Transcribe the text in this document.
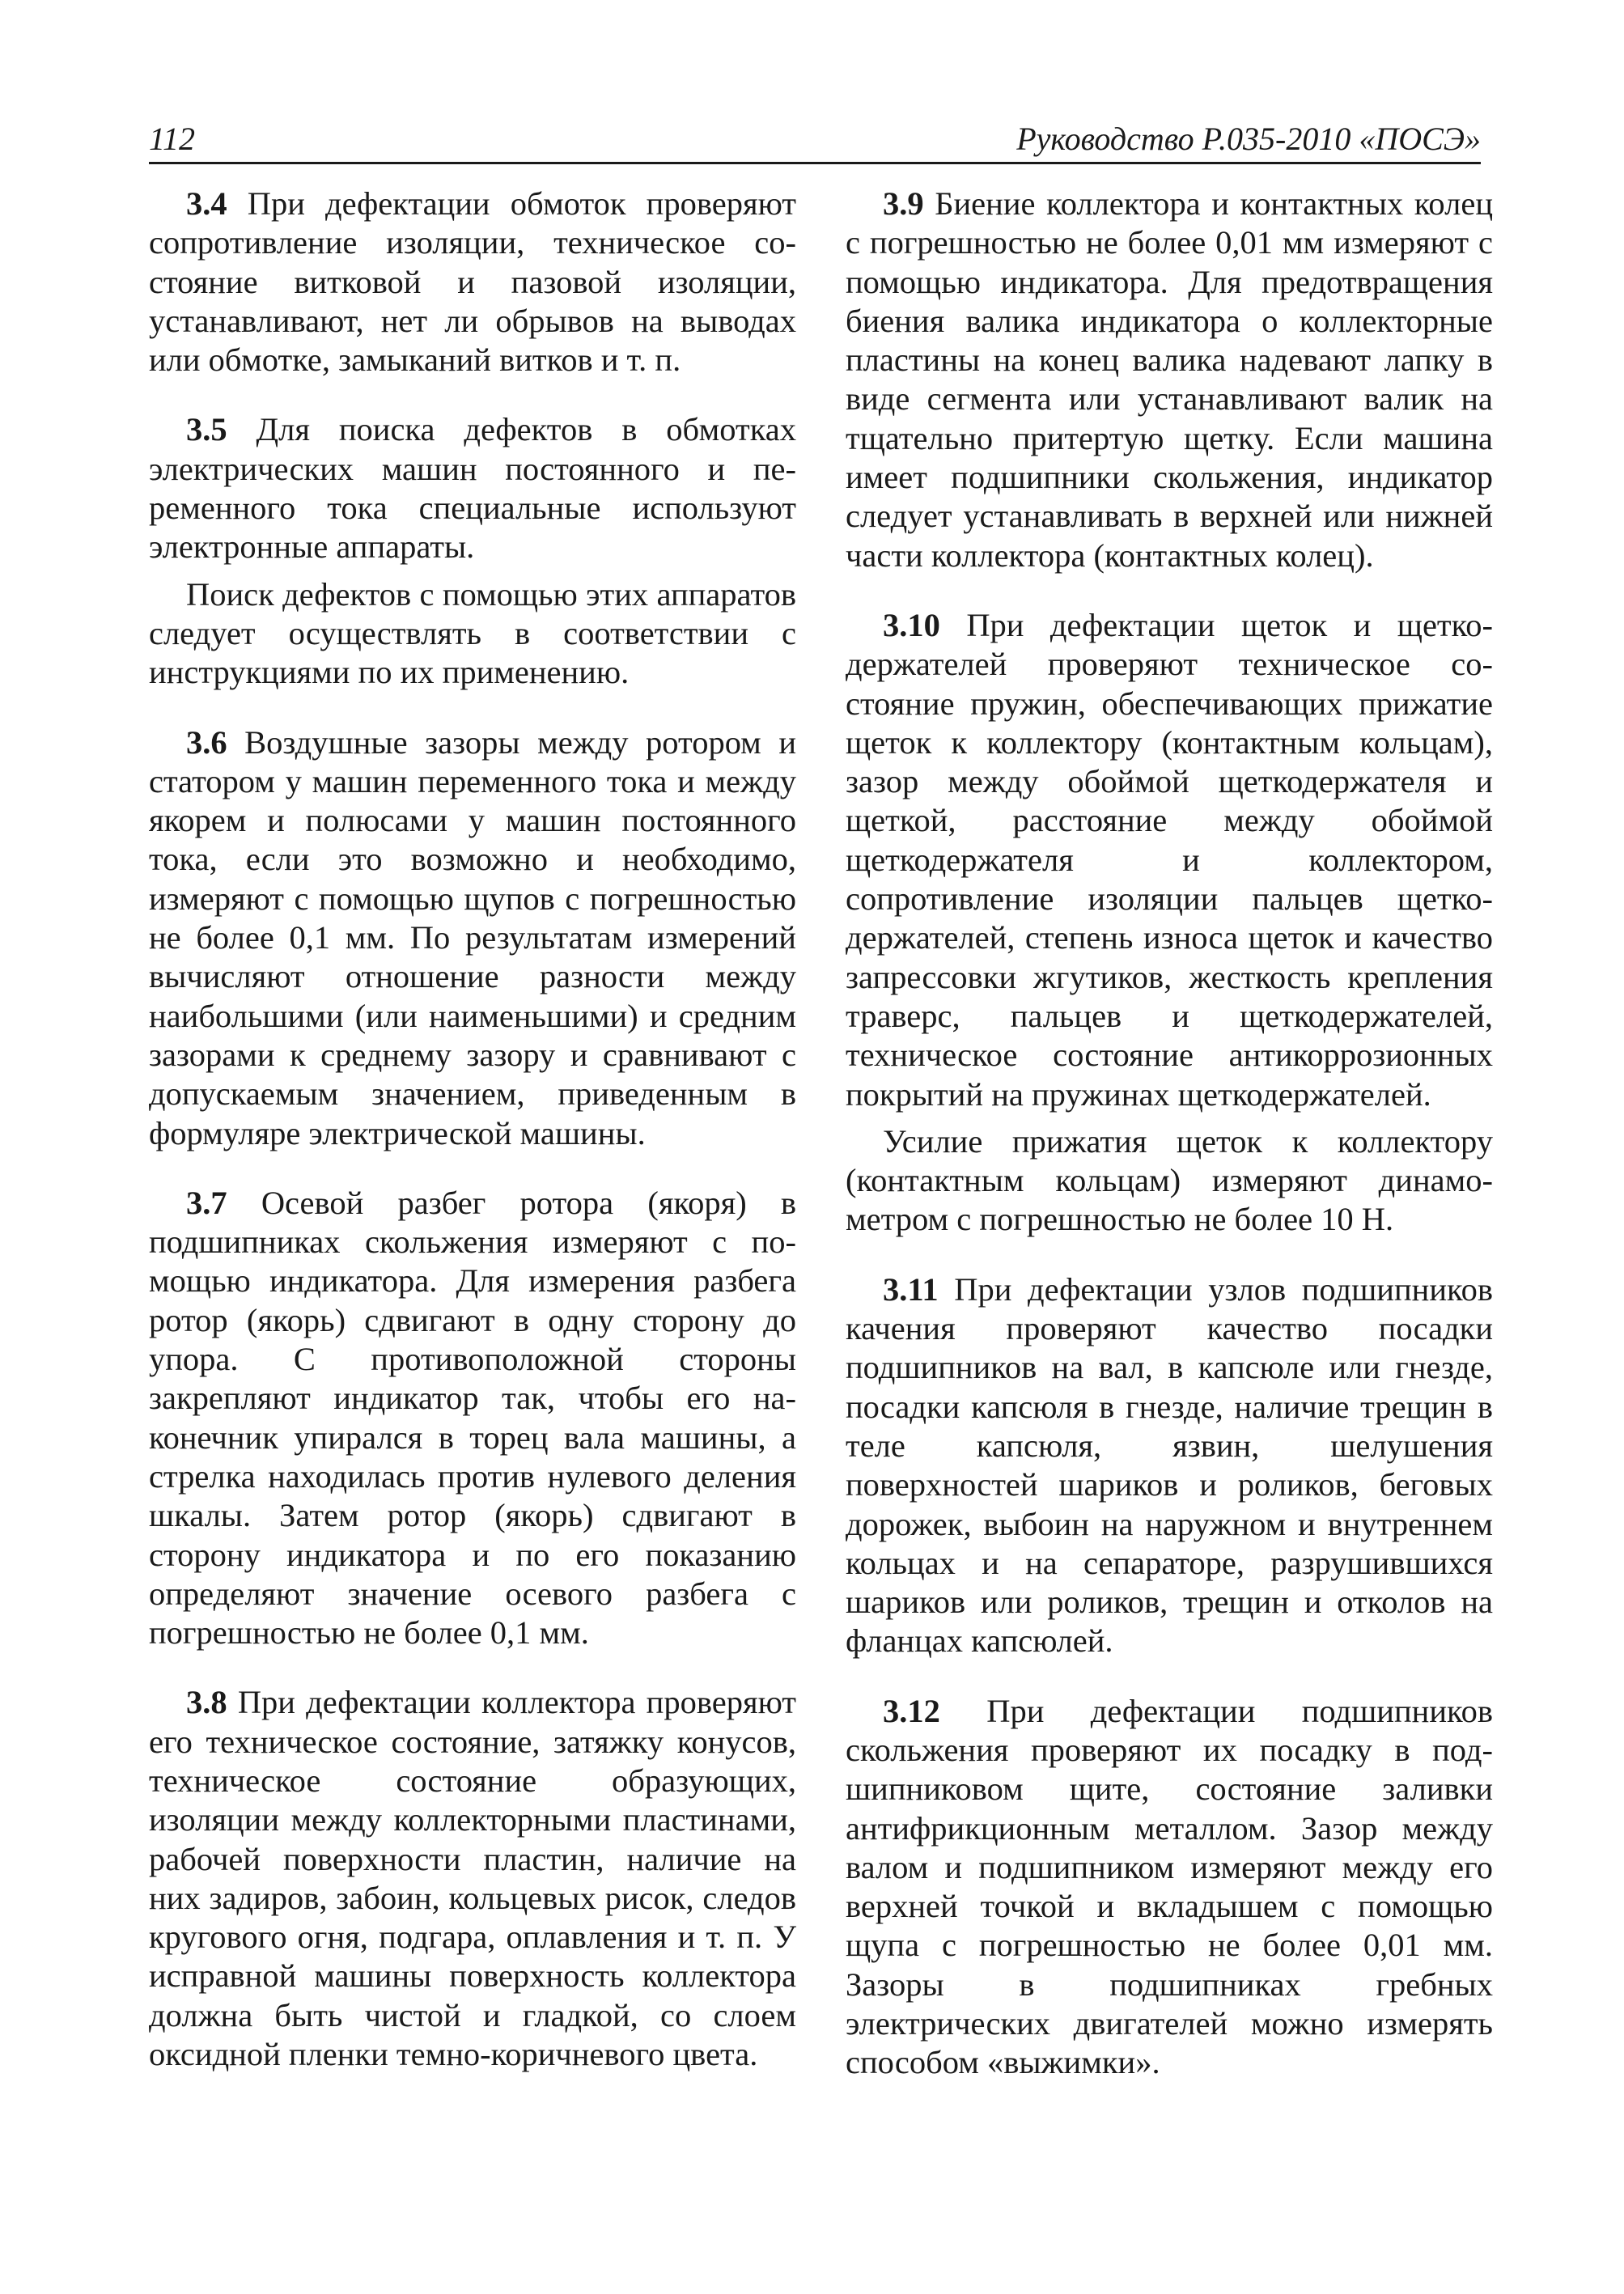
112	Руководство Р.035-2010 «ПОСЭ»

3.4 При дефектации обмоток проверяют сопротивление изоляции, техническое состояние витковой и пазовой изоляции, устанавливают, нет ли обрывов на выводах или обмотке, замыканий витков и т. п.

3.5 Для поиска дефектов в обмотках электрических машин постоянного и переменного тока специальные используют электронные аппараты.

Поиск дефектов с помощью этих аппаратов следует осуществлять в соответствии с инструкциями по их применению.

3.6 Воздушные зазоры между ротором и статором у машин переменного тока и между якорем и полюсами у машин постоянного тока, если это возможно и необходимо, измеряют с помощью щупов с погрешностью не более 0,1 мм. По результатам измерений вычисляют отношение разности между наибольшими (или наименьшими) и средним зазорами к среднему зазору и сравнивают с допускаемым значением, приведенным в формуляре электрической машины.

3.7 Осевой разбег ротора (якоря) в подшипниках скольжения измеряют с помощью индикатора. Для измерения разбега ротор (якорь) сдвигают в одну сторону до упора. С противоположной стороны закрепляют индикатор так, чтобы его наконечник упирался в торец вала машины, а стрелка находилась против нулевого деления шкалы. Затем ротор (якорь) сдвигают в сторону индикатора и по его показанию определяют значение осевого разбега с погрешностью не более 0,1 мм.

3.8 При дефектации коллектора проверяют его техническое состояние, затяжку конусов, техническое состояние образующих, изоляции между коллекторными пластинами, рабочей поверхности пластин, наличие на них задиров, забоин, кольцевых рисок, следов кругового огня, подгара, оплавления и т. п. У исправной машины поверхность коллектора должна быть чистой и гладкой, со слоем оксидной пленки темно-коричневого цвета.

3.9 Биение коллектора и контактных колец с погрешностью не более 0,01 мм измеряют с помощью индикатора. Для предотвращения биения валика индикатора о коллекторные пластины на конец валика надевают лапку в виде сегмента или устанавливают валик на тщательно притертую щетку. Если машина имеет подшипники скольжения, индикатор следует устанавливать в верхней или нижней части коллектора (контактных колец).

3.10 При дефектации щеток и щеткодержателей проверяют техническое состояние пружин, обеспечивающих прижатие щеток к коллектору (контактным кольцам), зазор между обоймой щеткодержателя и щеткой, расстояние между обоймой щеткодержателя и коллектором, сопротивление изоляции пальцев щеткодержателей, степень износа щеток и качество запрессовки жгутиков, жесткость крепления траверс, пальцев и щеткодержателей, техническое состояние антикоррозионных покрытий на пружинах щеткодержателей.

Усилие прижатия щеток к коллектору (контактным кольцам) измеряют динамометром с погрешностью не более 10 Н.

3.11 При дефектации узлов подшипников качения проверяют качество посадки подшипников на вал, в капсюле или гнезде, посадки капсюля в гнезде, наличие трещин в теле капсюля, язвин, шелушения поверхностей шариков и роликов, беговых дорожек, выбоин на наружном и внутреннем кольцах и на сепараторе, разрушившихся шариков или роликов, трещин и отколов на фланцах капсюлей.

3.12 При дефектации подшипников скольжения проверяют их посадку в подшипниковом щите, состояние заливки антифрикционным металлом. Зазор между валом и подшипником измеряют между его верхней точкой и вкладышем с помощью щупа с погрешностью не более 0,01 мм. Зазоры в подшипниках гребных электрических двигателей можно измерять способом «выжимки».
